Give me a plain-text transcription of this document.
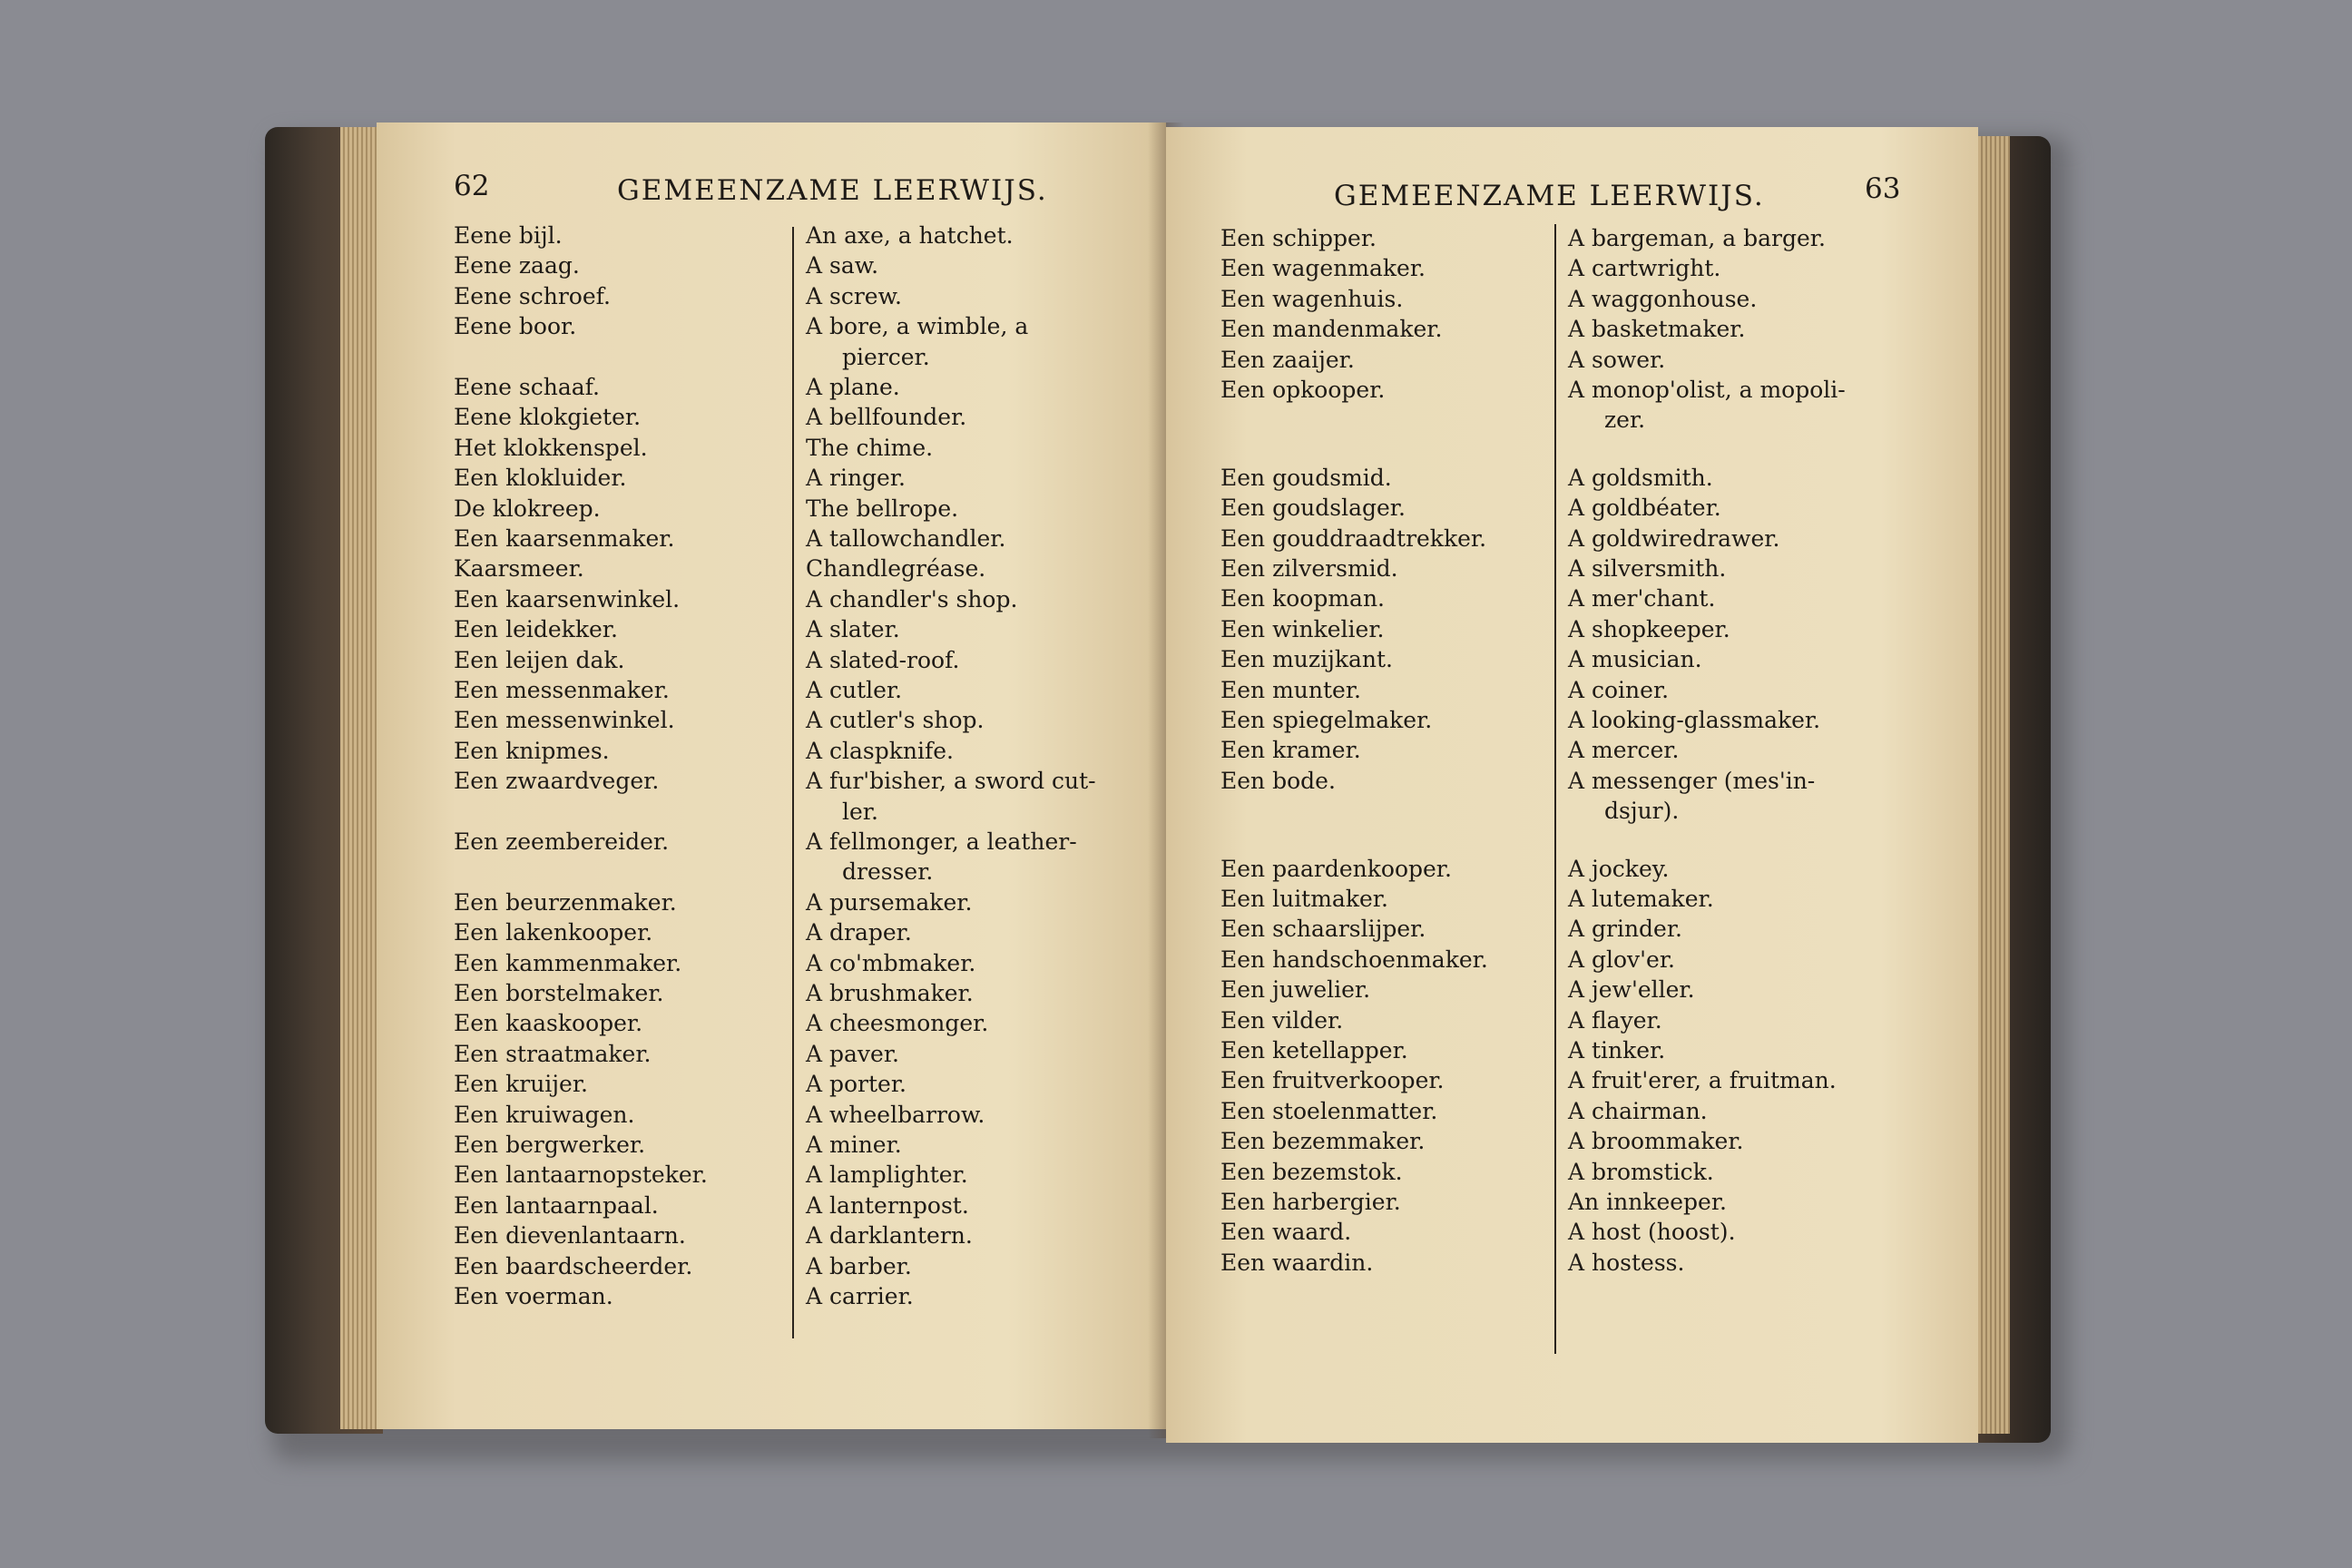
62	GEMEENZAME LEERWIJS.
Eene bijl.	An axe, a hatchet.
Eene zaag.	A saw.
Eene schroef.	A screw.
Eene boor.	A bore, a wimble, a
piercer.
Eene schaaf.	A plane.
Eene klokgieter.	A bellfounder.
Het klokkenspel.	The chime.
Een klokluider.	A ringer.
De klokreep.	The bellrope.
Een kaarsenmaker.	A tallowchandler.
Kaarsmeer.	Chandlegréase.
Een kaarsenwinkel.	A chandler's shop.
Een leidekker.	A slater.
Een leijen dak.	A slated-roof.
Een messenmaker.	A cutler.
Een messenwinkel.	A cutler's shop.
Een knipmes.	A claspknife.
Een zwaardveger.	A fur'bisher, a sword cut-
ler.
Een zeembereider.	A fellmonger, a leather-
dresser.
Een beurzenmaker.	A pursemaker.
Een lakenkooper.	A draper.
Een kammenmaker.	A co'mbmaker.
Een borstelmaker.	A brushmaker.
Een kaaskooper.	A cheesmonger.
Een straatmaker.	A paver.
Een kruijer.	A porter.
Een kruiwagen.	A wheelbarrow.
Een bergwerker.	A miner.
Een lantaarnopsteker.	A lamplighter.
Een lantaarnpaal.	A lanternpost.
Een dievenlantaarn.	A darklantern.
Een baardscheerder.	A barber.
Een voerman.	A carrier.
GEMEENZAME LEERWIJS.	63
Een schipper.	A bargeman, a barger.
Een wagenmaker.	A cartwright.
Een wagenhuis.	A waggonhouse.
Een mandenmaker.	A basketmaker.
Een zaaijer.	A sower.
Een opkooper.	A monop'olist, a mopoli-
zer.
Een goudsmid.	A goldsmith.
Een goudslager.	A goldbéater.
Een gouddraadtrekker.	A goldwiredrawer.
Een zilversmid.	A silversmith.
Een koopman.	A mer'chant.
Een winkelier.	A shopkeeper.
Een muzijkant.	A musician.
Een munter.	A coiner.
Een spiegelmaker.	A looking-glassmaker.
Een kramer.	A mercer.
Een bode.	A messenger (mes'in-
dsjur).
Een paardenkooper.	A jockey.
Een luitmaker.	A lutemaker.
Een schaarslijper.	A grinder.
Een handschoenmaker.	A glov'er.
Een juwelier.	A jew'eller.
Een vilder.	A flayer.
Een ketellapper.	A tinker.
Een fruitverkooper.	A fruit'erer, a fruitman.
Een stoelenmatter.	A chairman.
Een bezemmaker.	A broommaker.
Een bezemstok.	A bromstick.
Een harbergier.	An innkeeper.
Een waard.	A host (hoost).
Een waardin.	A hostess.
